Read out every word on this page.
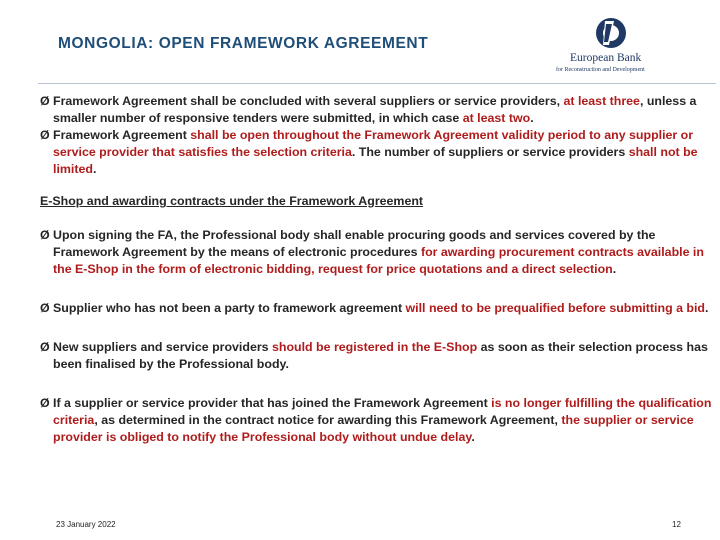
MONGOLIA: OPEN FRAMEWORK AGREEMENT
European Bank
for Reconstruction and Development
Ø Framework Agreement shall be concluded with several suppliers or service providers, at least three, unless a smaller number of responsive tenders were submitted, in which case at least two.
Ø Framework Agreement shall be open throughout the Framework Agreement validity period to any supplier or service provider that satisfies the selection criteria. The number of suppliers or service providers shall not be limited.
E-Shop and awarding contracts under the Framework Agreement
Ø Upon signing the FA, the Professional body shall enable procuring goods and services covered by the Framework Agreement by the means of electronic procedures for awarding procurement contracts available in the E-Shop in the form of electronic bidding, request for price quotations and a direct selection.
Ø Supplier who has not been a party to framework agreement will need to be prequalified before submitting a bid.
Ø New suppliers and service providers should be registered in the E-Shop as soon as their selection process has been finalised by the Professional body.
Ø If a supplier or service provider that has joined the Framework Agreement is no longer fulfilling the qualification criteria, as determined in the contract notice for awarding this Framework Agreement, the supplier or service provider is obliged to notify the Professional body without undue delay.
23 January 2022	12
